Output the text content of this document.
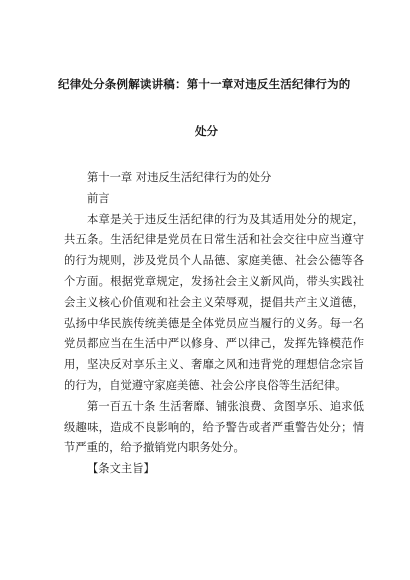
纪律处分条例解读讲稿：第十一章对违反生活纪律行为的
处分

第十一章 对违反生活纪律行为的处分

前言

本章是关于违反生活纪律的行为及其适用处分的规定，共五条。生活纪律是党员在日常生活和社会交往中应当遵守的行为规则，涉及党员个人品德、家庭美德、社会公德等各个方面。根据党章规定，发扬社会主义新风尚，带头实践社会主义核心价值观和社会主义荣辱观，提倡共产主义道德，弘扬中华民族传统美德是全体党员应当履行的义务。每一名党员都应当在生活中严以修身、严以律己，发挥先锋模范作用，坚决反对享乐主义、奢靡之风和违背党的理想信念宗旨的行为，自觉遵守家庭美德、社会公序良俗等生活纪律。

第一百五十条 生活奢靡、铺张浪费、贪图享乐、追求低级趣味，造成不良影响的，给予警告或者严重警告处分；情节严重的，给予撤销党内职务处分。

【条文主旨】
